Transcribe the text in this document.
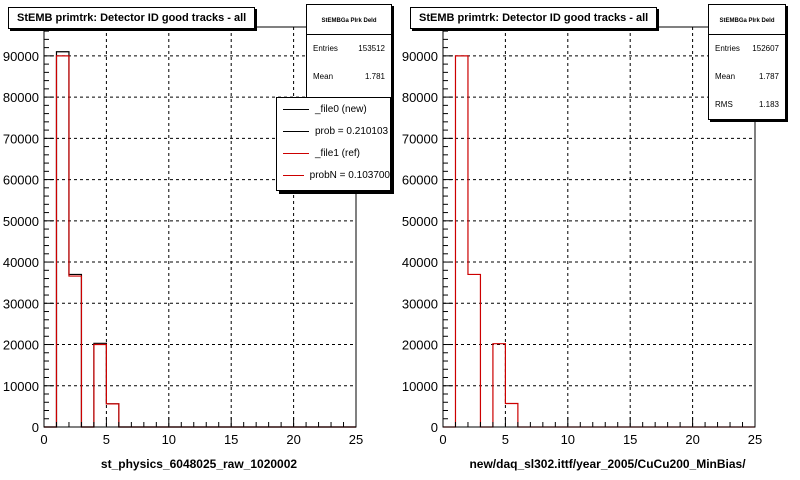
0	5	10	15	20	25
0
10000
20000
30000
40000
50000
60000
70000
80000
90000
StEMB primtrk: Detector ID good tracks - all	StEMBGa PIrk DeId
Entries	153512
Mean	1.781
_file0 (new)
prob = 0.210103
_file1 (ref)
probN = 0.103700
st_physics_6048025_raw_1020002
0	5	10	15	20	25
0
10000
20000
30000
40000
50000
60000
70000
80000
90000
StEMB primtrk: Detector ID good tracks - all	StEMBGa PIrk DeId
Entries 152607
Mean	1.787
RMS	1.183
new/daq_sl302.ittf/year_2005/CuCu200_MinBias/
